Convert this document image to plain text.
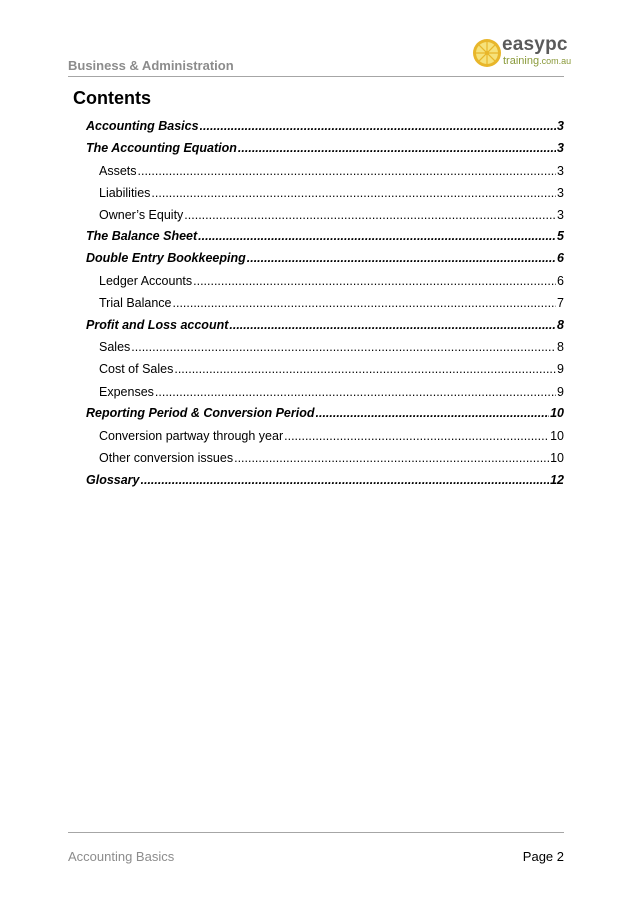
Business & Administration
easypc
training.com.au
Contents
Accounting Basics .....	3
The Accounting Equation .....	3
Assets .....	3
Liabilities .....	3
Owner’s Equity .....	3
The Balance Sheet .....	5
Double Entry Bookkeeping .....	6
Ledger Accounts .....	6
Trial Balance .....	7
Profit and Loss account .....	8
Sales .....	8
Cost of Sales .....	9
Expenses .....	9
Reporting Period & Conversion Period .....	10
Conversion partway through year .....	10
Other conversion issues .....	10
Glossary .....	12
Accounting Basics	Page 2
